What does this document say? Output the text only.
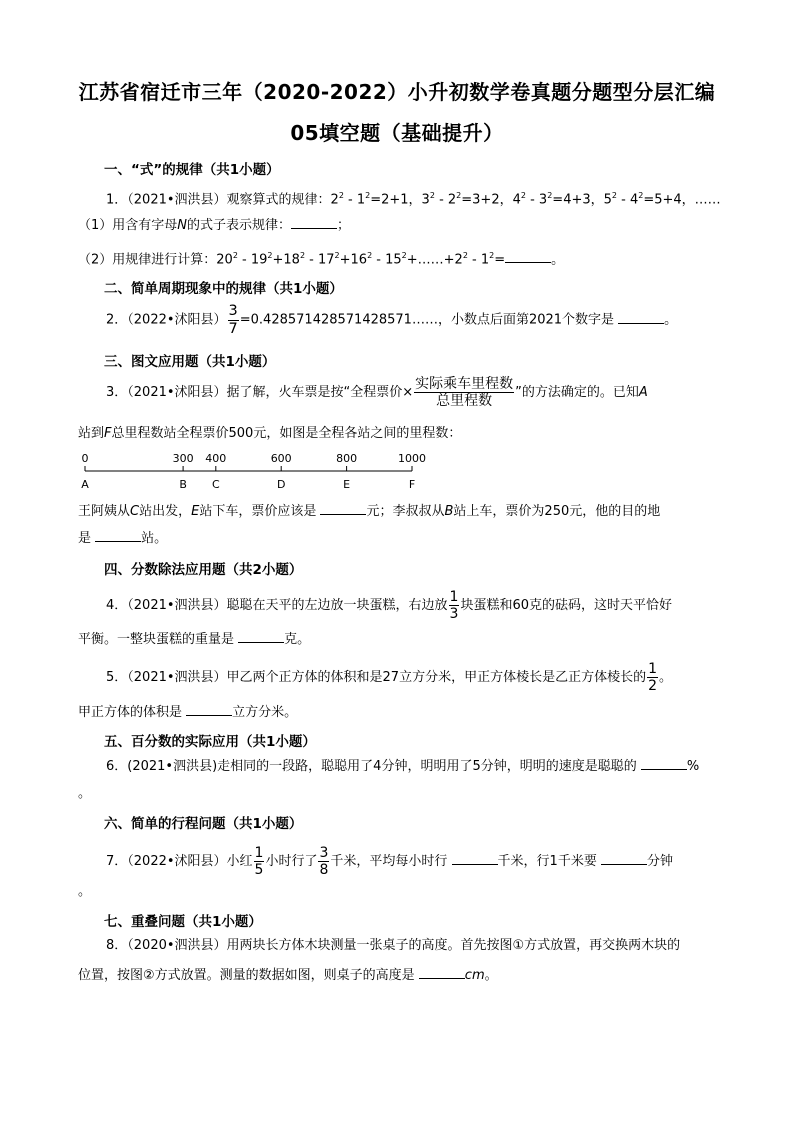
江苏省宿迁市三年（2020-2022）小升初数学卷真题分题型分层汇编
05填空题（基础提升）
一、“式”的规律（共1小题）
1．（2021•泗洪县）观察算式的规律：$2^2 - 1^2=2+1$，$3^2 - 2^2=3+2$，$4^2 - 3^2=4+3$，$5^2 - 4^2=5+4$，……
（1）用含有字母N的式子表示规律：	；
（2）用规律进行计算：$20^2 - 19^2+18^2 - 17^2+16^2$ - $15^2+\dots\dots+2^2 - 1^2=$	。
二、简单周期现象中的规律（共1小题）
2．（2022•沭阳县） $\frac{3}{7}$ =0.428571428571428571……，小数点后面第2021个数字是	。
三、图文应用题（共1小题）
3．（2021•沭阳县）据了解，火车票是按“全程票价× $\frac{\text{实际乘车里程数}}{\text{总里程数}}$ ”的方法确定的。已知A
站到F总里程数站全程票价500元，如图是全程各站之间的里程数：
0
A
300
B
400
C
600
D
800
E
1000
F
王阿姨从C站出发，E站下车，票价应该是	元；李叔叔从B站上车，票价为250元，他的目的地
是	站。
四、分数除法应用题（共2小题）
4．（2021•泗洪县）聪聪在天平的左边放一块蛋糕，右边放 $\frac{1}{3}$ 块蛋糕和60克的砝码，这时天平恰好
平衡。一整块蛋糕的重量是	克。
5．（2021•泗洪县）甲乙两个正方体的体积和是27立方分米，甲正方体棱长是乙正方体棱长的 $\frac{1}{2}$ 。
甲正方体的体积是	立方分米。
五、百分数的实际应用（共1小题）
6．(2021•泗洪县)走相同的一段路，聪聪用了4分钟，明明用了5分钟，明明的速度是聪聪的	%
。
六、简单的行程问题（共1小题）
7．（2022•沭阳县）小红 $\frac{1}{5}$ 小时行了 $\frac{3}{8}$ 千米，平均每小时行	千米，行1千米要	分钟
。
七、重叠问题（共1小题）
8．（2020•泗洪县）用两块长方体木块测量一张桌子的高度。首先按图①方式放置，再交换两木块的
位置，按图②方式放置。测量的数据如图，则桌子的高度是	cm。
